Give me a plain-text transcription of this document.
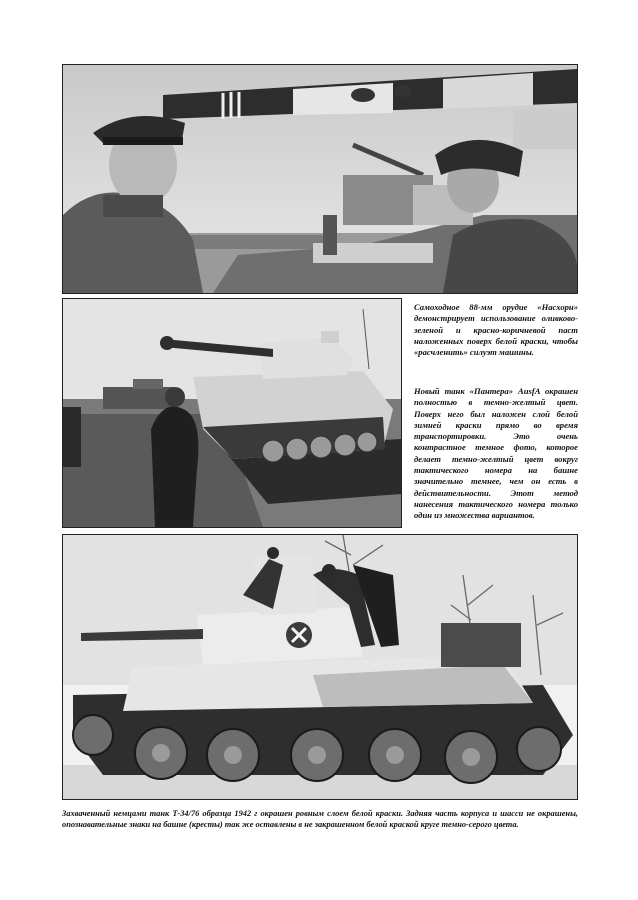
Самоходное 88-мм орудие «Насхорн» демонстрирует использование оливково-зеленой и красно-коричневой паст наложенных поверх белой краски, чтобы «расчленить» силуэт машины.

Новый танк «Пантера» AusfA окрашен полностью в темно-желтый цвет. Поверх него был наложен слой белой зимней краски прямо во время транспортировки. Это очень контрастное темное фото, которое делает темно-желтый цвет вокруг тактического номера на башне значительно темнее, чем он есть в действительности. Этот метод нанесения тактического номера только один из множества вариантов.

Захваченный немцами танк Т-34/76 образца 1942 г окрашен ровным слоем белой краски. Задняя часть корпуса и шасси не окрашены, опознавательные знаки на башне (кресты) так же оставлены в не закрашенном белой краской круге темно-серого цвета.
